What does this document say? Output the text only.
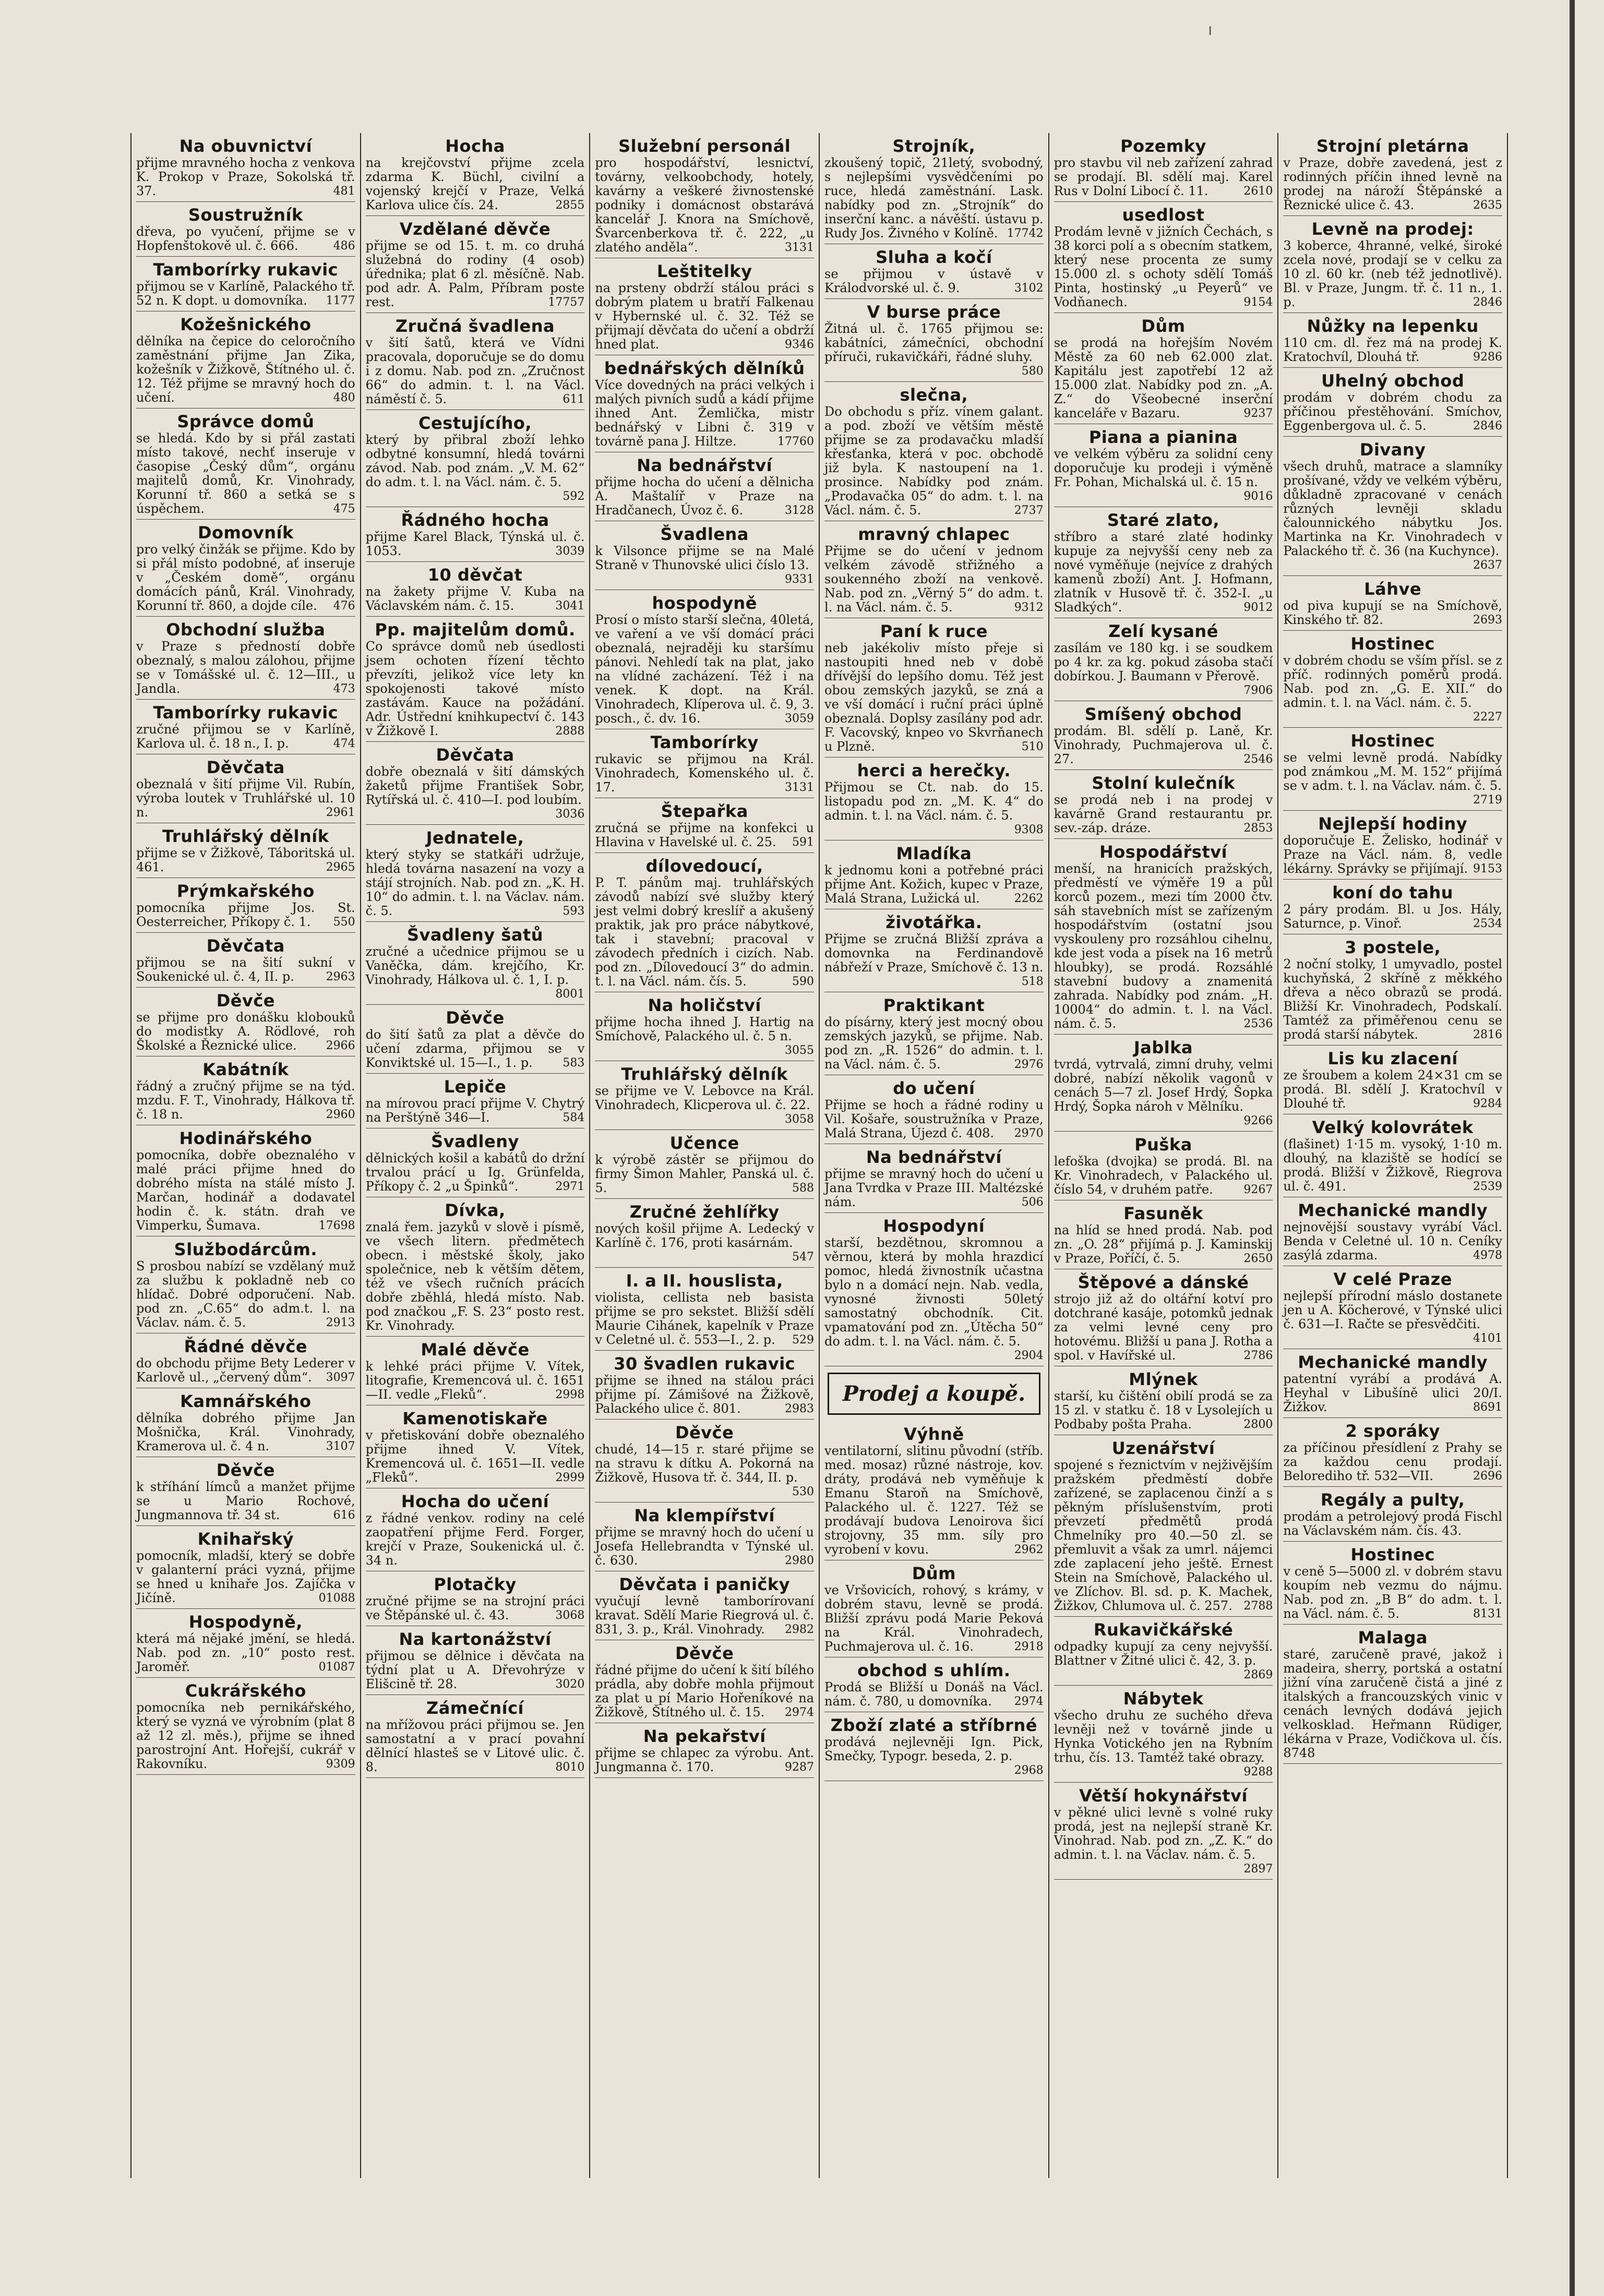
ı
Na obuvnictví
přijme mravného hocha z venkova K. Prokop v Praze, Sokolská tř. 37.	481
Soustružník
dřeva, po vyučení, přijme se v Hopfenštokově ul. č. 666.	486
Tamborírky rukavic
přijmou se v Karlíně, Palackého tř. 52 n. K dopt. u domovníka.	1177
Kožešnického
dělníka na čepice do celoročního zaměstnání přijme Jan Zika, kožešník v Žižkově, Štítného ul. č. 12. Též přijme se mravný hoch do učení.	480
Správce domů
se hledá. Kdo by si přál zastati místo takové, nechť inseruje v časopise „Český dům“, orgánu majitelů domů, Kr. Vinohrady, Korunní tř. 860 a setká se s úspěchem.	475
Domovník
pro velký činžák se přijme. Kdo by si přál místo podobné, ať inseruje v „Českém domě“, orgánu domácích pánů, Král. Vinohrady, Korunní tř. 860, a dojde cíle.	476
Obchodní služba
v Praze s předností dobře obeznalý, s malou zálohou, přijme se v Tomášské ul. č. 12—III., u Jandla.	473
Tamborírky rukavic
zručné přijmou se v Karlíně, Karlova ul. č. 18 n., I. p.	474
Děvčata
obeznalá v šití přijme Vil. Rubín, výroba loutek v Truhlářské ul. 10 n.	2961
Truhlářský dělník
přijme se v Žižkově, Táboritská ul. 461.	2965
Prýmkařského
pomocníka přijme Jos. St. Oesterreicher, Příkopy č. 1.	550
Děvčata
přijmou se na šití sukní v Soukenické ul. č. 4, II. p.	2963
Děvče
se přijme pro donášku klobouků do modistky A. Rödlové, roh Školské a Řeznické ulice.	2966
Kabátník
řádný a zručný přijme se na týd. mzdu. F. T., Vinohrady, Hálkova tř. č. 18 n.	2960
Hodinářského
pomocníka, dobře obeznalého v malé práci přijme hned do dobrého místa na stálé místo J. Marčan, hodinář a dodavatel hodin č. k. státn. drah ve Vimperku, Šumava.	17698
Službodárcům.
S prosbou nabízí se vzdělaný muž za službu k pokladně neb co hlídač. Dobré odporučení. Nab. pod zn. „C.65“ do adm.t. l. na Václav. nám. č. 5.	2913
Řádné děvče
do obchodu přijme Bety Lederer v Karlově ul., „červený dům“.	3097
Kamnářského
dělníka dobrého přijme Jan Mošnička, Král. Vinohrady, Kramerova ul. č. 4 n.	3107
Děvče
k stříhání límců a manžet přijme se u Mario Rochové, Jungmannova tř. 34 st.	616
Knihařský
pomocník, mladší, který se dobře v galanterní práci vyzná, přijme se hned u knihaře Jos. Zajíčka v Jičíně.	01088
Hospodyně,
která má nějaké jmění, se hledá. Nab. pod zn. „10“ posto rest. Jaroměř.	01087
Cukrářského
pomocníka neb pernikářského, který se vyzná ve výrobním (plat 8 až 12 zl. měs.), přijme se ihned parostrojní Ant. Hořejší, cukrář v Rakovníku.	9309
Hocha
na krejčovství přijme zcela zdarma K. Büchl, civilní a vojenský krejčí v Praze, Velká Karlova ulice čís. 24.	2855
Vzdělané děvče
přijme se od 15. t. m. co druhá služebná do rodiny (4 osob) úřednika; plat 6 zl. měsíčně. Nab. pod adr. A. Palm, Příbram poste rest.	17757
Zručná švadlena
v šití šatů, která ve Vídni pracovala, doporučuje se do domu i z domu. Nab. pod zn. „Zručnost 66“ do admin. t. l. na Václ. náměstí č. 5.	611
Cestujícího,
který by přibral zboží lehko odbytné konsumní, hledá továrni závod. Nab. pod znám. „V. M. 62“ do adm. t. l. na Václ. nám. č. 5.
592
Řádného hocha
přijme Karel Black, Týnská ul. č. 1053.	3039
10 děvčat
na žakety přijme V. Kuba na Václavském nám. č. 15.	3041
Pp. majitelům domů.
Co správce domů neb úsedlosti jsem ochoten řízení těchto převzíti, jelikož více lety kn spokojenosti takové místo zastávám. Kauce na požádání. Adr. Ústřední knihkupectví č. 143 v Žižkově I.	2888
Děvčata
dobře obeznalá v šití dámských žaketů přijme František Sobr, Rytířská ul. č. 410—I. pod loubím.
3036
Jednatele,
který styky se statkáři udržuje, hledá továrna nasazení na vozy a stájí strojních. Nab. pod zn. „K. H. 10“ do admin. t. l. na Václav. nám. č. 5.	593
Švadleny šatů
zručné a učednice přijmou se u Vaněčka, dám. krejčího, Kr. Vinohrady, Hálkova ul. č. 1, I. p.
8001
Děvče
do šití šatů za plat a děvče do učení zdarma, přijmou se v Konviktské ul. 15—I., 1. p.	583
Lepiče
na mírovou prací přijme V. Chytrý na Perštýně 346—I.	584
Švadleny
dělnických košil a kabátů do držní trvalou prácí u Ig. Grünfelda, Příkopy č. 2 „u Špinků“.	2971
Dívka,
znalá řem. jazyků v slově i písmě, ve všech litern. předmětech obecn. i městské školy, jako společnice, neb k větším dětem, též ve všech ručních prácích dobře zběhlá, hledá místo. Nab. pod značkou „F. S. 23“ posto rest. Kr. Vinohrady.
Malé děvče
k lehké práci přijme V. Vítek, litografie, Kremencová ul. č. 1651—II. vedle „Fleků“.	2998
Kamenotiskaře
v přetiskování dobře obeznalého přijme ihned V. Vítek, Kremencová ul. č. 1651—II. vedle „Fleků“.	2999
Hocha do učení
z řádné venkov. rodiny na celé zaopatření přijme Ferd. Forger, krejčí v Praze, Soukenická ul. č. 34 n.
Plotačky
zručné přijme se na strojní práci ve Štěpánské ul. č. 43.	3068
Na kartonážství
přijmou se dělnice i děvčata na týdní plat u A. Dřevohrýze v Elišcině tř. 28.	3020
Zámečnící
na mřížovou práci přijmou se. Jen samostatní a v prací povahní dělnící hlasteš se v Litové ulic. č. 8.	8010
Služební personál
pro hospodářství, lesnictví, továrny, velkoobchody, hotely, kavárny a veškeré živnostenské podniky i domácnost obstarává kancelář J. Knora na Smíchově, Švarcenberkova tř. č. 222, „u zlatého anděla“.	3131
Leštitelky
na prsteny obdrží stálou práci s dobrým platem u bratří Falkenau v Hybernské ul. č. 32. Též se přijmají děvčata do učení a obdrží hned plat.	9346
bednářských dělníků
Více dovedných na práci velkých i malých pivních sudů a kádí přijme ihned Ant. Žemlička, mistr bednářský v Libni č. 319 v továrně pana J. Hiltze.	17760
Na bednářství
přijme hocha do učení a dělnicha A. Maštalíř v Praze na Hradčanech, Úvoz č. 6.	3128
Švadlena
k Vilsonce přijme se na Malé Straně v Thunovské ulici číslo 13.
9331
hospodyně
Prosí o místo starší slečna, 40letá, ve vaření a ve vší domácí práci obeznalá, nejraději ku staršímu pánovi. Nehledí tak na plat, jako na vlídné zacházení. Též i na venek. K dopt. na Král. Vinohradech, Klíperova ul. č. 9, 3. posch., č. dv. 16.	3059
Tamborírky
rukavic se přijmou na Král. Vinohradech, Komenského ul. č. 17.	3131
Štepařka
zručná se přijme na konfekci u Hlavina v Havelské ul. č. 25.	591
dílovedoucí,
P. T. pánům maj. truhlářských závodů nabízí své služby který jest velmi dobrý kreslíř a akušený praktik, jak pro práce nábytkové, tak i stavební; pracoval v závodech předních i cizích. Nab. pod zn. „Dílovedoucí 3“ do admin. t. l. na Václ. nám. čís. 5.	590
Na holičství
přijme hocha ihned J. Hartig na Smíchově, Palackého ul. č. 5 n.
3055
Truhlářský dělník
se přijme ve V. Lebovce na Král. Vinohradech, Klicperova ul. č. 22.
3058
Učence
k výrobě zástěr se přijmou do firmy Šimon Mahler, Panská ul. č. 5.	588
Zručné žehlířky
nových košil přijme A. Ledecký v Karlíně č. 176, proti kasárnám.
547
I. a II. houslista,
violista, cellista neb basista přijme se pro sekstet. Bližší sdělí Maurie Cihánek, kapelník v Praze v Celetné ul. č. 553—I., 2. p.	529
30 švadlen rukavic
přijme se ihned na stálou práci přijme pí. Zámišové na Žižkově, Palackého ulice č. 801.	2983
Děvče
chudé, 14—15 r. staré přijme se na stravu k dítku A. Pokorná na Žižkově, Husova tř. č. 344, II. p.
530
Na klempířství
přijme se mravný hoch do učení u Josefa Hellebrandta v Týnské ul. č. 630.	2980
Děvčata i paničky
vyučují levně tamborírovaní kravat. Sdělí Marie Riegrová ul. č. 831, 3. p., Král. Vinohrady.	2982
Děvče
řádné přijme do učení k šití bílého prádla, aby dobře mohla přijmout za plat u pí Mario Hořeníkové na Žižkově, Štítného ul. č. 15.	2974
Na pekařství
přijme se chlapec za výrobu. Ant. Jungmanna č. 170.	9287
Strojník,
zkoušený topič, 21letý, svobodný, s nejlepšími vysvědčeními po ruce, hledá zaměstnání. Lask. nabídky pod zn. „Strojník“ do inserční kanc. a návěští. ústavu p. Rudy Jos. Živného v Kolíně. 17742
Sluha a kočí
se přijmou v ústavě v Králodvorské ul. č. 9.	3102
V burse práce
Žitná ul. č. 1765 přijmou se: kabátníci, zámečníci, obchodní příruči, rukavičkáři, řádné sluhy.
580
slečna,
Do obchodu s příz. vínem galant. a pod. zboží ve větším městě přijme se za prodavačku mladší křesťanka, která v poc. obchodě již byla. K nastoupení na 1. prosince. Nabídky pod znám. „Prodavačka 05“ do adm. t. l. na Václ. nám. č. 5.	2737
mravný chlapec
Přijme se do učení v jednom velkém závodě střižného a soukenného zboží na venkově. Nab. pod zn. „Věrný 5“ do adm. t. l. na Václ. nám. č. 5.	9312
Paní k ruce
neb jakékoliv místo přeje si nastoupiti hned neb v době dřívější do lepšího domu. Též jest obou zemských jazyků, se zná a ve vší domácí i ruční práci úplně obeznalá. Doplsy zasílány pod adr. F. Vacovský, knpeo vo Skvrňanech u Plzně.	510
herci a herečky.
Přijmou se Ct. nab. do 15. listopadu pod zn. „M. K. 4“ do admin. t. l. na Václ. nám. č. 5.
9308
Mladíka
k jednomu koni a potřebné práci přijme Ant. Kožich, kupec v Praze, Malá Strana, Lužická ul.	2262
životářka.
Přijme se zručná Bližší zpráva a domovnka na Ferdinandově nábřeží v Praze, Smíchově č. 13 n.
518
Praktikant
do písárny, který jest mocný obou zemských jazyků, se přijme. Nab. pod zn. „R. 1526“ do admin. t. l. na Václ. nám. č. 5.	2976
do učení
Přijme se hoch a řádné rodiny u Vil. Košaře, soustružníka v Praze, Malá Strana, Újezd č. 408.	2970
Na bednářství
přijme se mravný hoch do učení u Jana Tvrdka v Praze III. Maltézské nám.	506
Hospodyní
starší, bezdětnou, skromnou a věrnou, která by mohla hrazdicí pomoc, hledá živnostník učastna bylo n a domácí nejn. Nab. vedla, vynosné živnosti 50letý samostatný obchodník. Cit. vpamatování pod zn. „Útěcha 50“ do adm. t. l. na Václ. nám. č. 5.
2904
Prodej a koupě.
Výhně
ventilatorní, slitinu původní (stříb. med. mosaz) různé nástroje, kov. dráty, prodává neb vyměňuje k Emanu Staroň na Smíchově, Palackého ul. č. 1227. Též se prodávají budova Lenoirova šicí strojovny, 35 mm. síly pro vyrobení v kovu.	2962
Dům
ve Vršovicích, rohový, s krámy, v dobrém stavu, levně se prodá. Bližší zprávu podá Marie Peková na Král. Vinohradech, Puchmajerova ul. č. 16.	2918
obchod s uhlím.
Prodá se Bližší u Donáš na Václ. nám. č. 780, u domovníka.	2974
Zboží zlaté a stříbrné
prodává nejlevněji Ign. Pick, Smečky, Typogr. beseda, 2. p.
2968
Pozemky
pro stavbu vil neb zařízení zahrad se prodají. Bl. sdělí maj. Karel Rus v Dolní Libocí č. 11.	2610
usedlost
Prodám levně v jižních Čechách, s 38 korci polí a s obecním statkem, který nese procenta ze sumy 15.000 zl. s ochoty sdělí Tomáš Pinta, hostinský „u Peyerů“ ve Vodňanech.	9154
Dům
se prodá na hořejším Novém Městě za 60 neb 62.000 zlat. Kapitálu jest zapotřebí 12 až 15.000 zlat. Nabídky pod zn. „A. Z.“ do Všeobecné inserční kanceláře v Bazaru.	9237
Piana a pianina
ve velkém výběru za solidní ceny doporučuje ku prodeji i výměně Fr. Pohan, Michalská ul. č. 15 n.
9016
Staré zlato,
stříbro a staré zlaté hodinky kupuje za nejvyšší ceny neb za nové vyměňuje (nejvíce z drahých kamenů zboží) Ant. J. Hofmann, zlatník v Husově tř. č. 352-I. „u Sladkých“.	9012
Zelí kysané
zasílám ve 180 kg. i se soudkem po 4 kr. za kg. pokud zásoba stačí dobírkou. J. Baumann v Přerově.
7906
Smíšený obchod
prodám. Bl. sdělí p. Laně, Kr. Vinohrady, Puchmajerova ul. č. 27.	2546
Stolní kulečník
se prodá neb i na prodej v kavárně Grand restaurantu pr. sev.-záp. dráze.	2853
Hospodářství
menší, na hranicích pražských, předměstí ve výměře 19 a půl korců pozem., mezi tím 2000 čtv. sáh stavebních míst se zařízeným hospodářstvím (ostatní jsou vyskouleny pro rozsáhlou cihelnu, kde jest voda a písek na 16 metrů hloubky), se prodá. Rozsáhlé stavební budovy a znamenitá zahrada. Nabídky pod znám. „H. 10004“ do admin. t. l. na Václ. nám. č. 5.	2536
Jablka
tvrdá, vytrvalá, zimní druhy, velmi dobré, nabízí několik vagonů v cenách 5—7 zl. Josef Hrdý, Šopka Hrdý, Šopka nároh v Mělníku.
9266
Puška
lefoška (dvojka) se prodá. Bl. na Kr. Vinohradech, v Palackého ul. číslo 54, v druhém patře.	9267
Fasuněk
na hlíd se hned prodá. Nab. pod zn. „O. 28“ přijímá p. J. Kaminskij v Praze, Poříčí, č. 5.	2650
Štěpové a dánské
strojo již až do oltářní kotví pro dotchrané kasáje, potomků jednak za velmi levné ceny pro hotovému. Bližší u pana J. Rotha a spol. v Havířské ul.	2786
Mlýnek
starší, ku čištění obilí prodá se za 15 zl. v statku č. 18 v Lysolejích u Podbaby pošta Praha.	2800
Uzenářství
spojené s řeznictvím v nejživějším pražském předměstí dobře zařízené, se zaplacenou činží a s pěkným příslušenstvím, proti převzetí předmětů prodá Chmelníky pro 40.—50 zl. se přemluvit a však za umrl. nájemci zde zaplacení jeho ještě. Ernest Stein na Smíchově, Palackého ul. ve Zlíchov. Bl. sd. p. K. Machek, Žižkov, Chlumova ul. č. 257. 2788
Rukavičkářské
odpadky kupují za ceny nejvyšší. Blattner v Žitné ulici č. 42, 3. p.
2869
Nábytek
všecho druhu ze suchého dřeva levněji než v továrně jinde u Hynka Votického jen na Rybním trhu, čís. 13. Tamtéž také obrazy.
9288
Větší hokynářství
v pěkné ulici levně s volné ruky prodá, jest na nejlepší straně Kr. Vinohrad. Nab. pod zn. „Z. K.“ do admin. t. l. na Václav. nám. č. 5.
2897
Strojní pletárna
v Praze, dobře zavedená, jest z rodinných příčin ihned levně na prodej na nároží Štěpánské a Řeznické ulice č. 43.	2635
Levně na prodej:
3 koberce, 4hranné, velké, široké zcela nové, prodají se v celku za 10 zl. 60 kr. (neb též jednotlivě). Bl. v Praze, Jungm. tř. č. 11 n., 1. p.	2846
Nůžky na lepenku
110 cm. dl. řez má na prodej K. Kratochvíl, Dlouhá tř.	9286
Uhelný obchod
prodám v dobrém chodu za příčinou přestěhování. Smíchov, Eggenbergova ul. č. 5.	2846
Divany
všech druhů, matrace a slamníky prošívané, vždy ve velkém výběru, důkladně zpracované v cenách různých levněji skladu čalounnického nábytku Jos. Martinka na Kr. Vinohradech v Palackého tř. č. 36 (na Kuchynce).
2637
Láhve
od piva kupují se na Smíchově, Kinského tř. 82.	2693
Hostinec
v dobrém chodu se vším přísl. se z příč. rodinných poměrů prodá. Nab. pod zn. „G. E. XII.“ do admin. t. l. na Václ. nám. č. 5.
2227
Hostinec
se velmi levně prodá. Nabídky pod známkou „M. M. 152“ přijímá se v adm. t. l. na Václav. nám. č. 5.
2719
Nejlepší hodiny
doporučuje E. Želisko, hodinář v Praze na Václ. nám. 8, vedle lékárny. Správky se přijímají. 9153
koní do tahu
2 páry prodám. Bl. u Jos. Hály, Saturnce, p. Vinoř.	2534
3 postele,
2 noční stolky, 1 umyvadlo, postel kuchyňská, 2 skříně z měkkého dřeva a něco obrazů se prodá. Bližší Kr. Vinohradech, Podskalí. Tamtéž za přiměřenou cenu se prodá starší nábytek.	2816
Lis ku zlacení
ze šroubem a kolem 24×31 cm se prodá. Bl. sdělí J. Kratochvíl v Dlouhé tř.	9284
Velký kolovrátek
(flašinet) 1·15 m. vysoký, 1·10 m. dlouhý, na klaziště se hodící se prodá. Bližší v Žižkově, Riegrova ul. č. 491.	2539
Mechanické mandly
nejnovější soustavy vyrábí Václ. Benda v Celetné ul. 10 n. Ceníky zasýlá zdarma.	4978
V celé Praze
nejlepší přírodní máslo dostanete jen u A. Köcherové, v Týnské ulici č. 631—I. Račte se přesvědčiti.
4101
Mechanické mandly
patentní vyrábí a prodává A. Heyhal v Libušíně ulici 20/I. Žižkov.	8691
2 sporáky
za příčinou přesídlení z Prahy se za každou cenu prodají. Belorediho tř. 532—VII.	2696
Regály a pulty,
prodám a petrolejový prodá Fischl na Václavském nám. čís. 43.
Hostinec
v ceně 5—5000 zl. v dobrém stavu koupím neb vezmu do nájmu. Nab. pod zn. „B B“ do adm. t. l. na Václ. nám. č. 5.	8131
Malaga
staré, zaručeně pravé, jakož i madeira, sherry, portská a ostatní jižní vína zaručeně čistá a jiné z italských a francouzských vinic v cenách levných dodává jejich velkosklad. Heřmann Rüdiger, lékárna v Praze, Vodičkova ul. čís. 8748
